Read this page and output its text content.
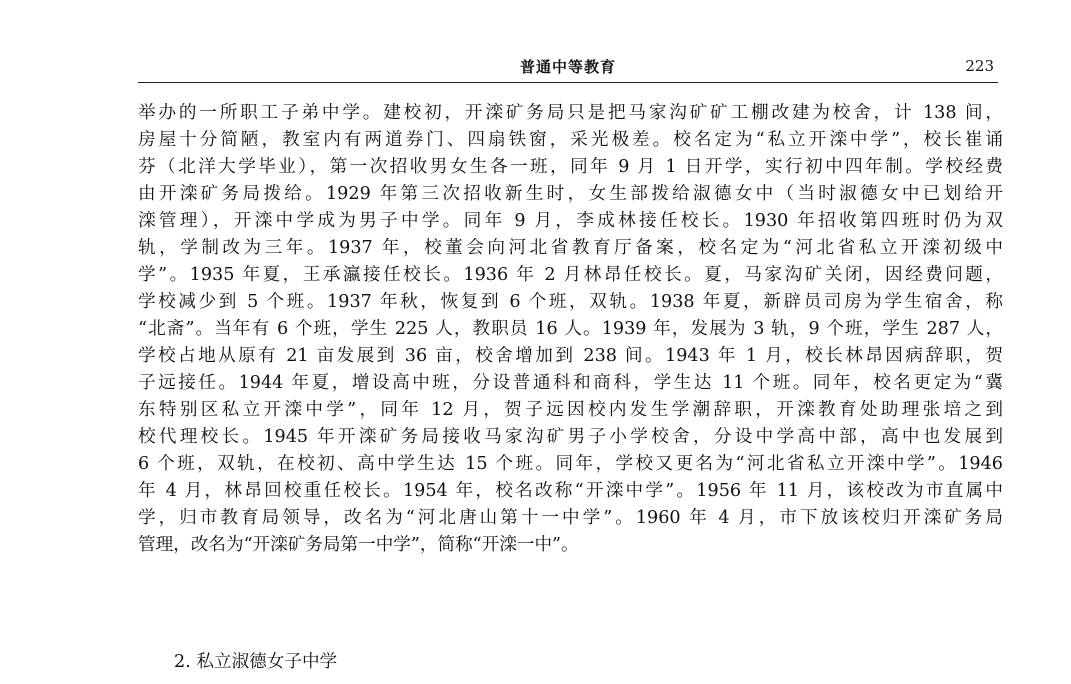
普通中等教育	223
举办的一所职工子弟中学。建校初，开滦矿务局只是把马家沟矿矿工棚改建为校舍，计 138 间，
房屋十分简陋，教室内有两道券门、四扇铁窗，采光极差。校名定为“私立开滦中学”，校长崔诵
芬（北洋大学毕业），第一次招收男女生各一班，同年 9 月 1 日开学，实行初中四年制。学校经费
由开滦矿务局拨给。1929 年第三次招收新生时，女生部拨给淑德女中（当时淑德女中已划给开
滦管理），开滦中学成为男子中学。同年 9 月，李成林接任校长。1930 年招收第四班时仍为双
轨，学制改为三年。1937 年，校董会向河北省教育厅备案，校名定为“河北省私立开滦初级中
学”。1935 年夏，王承瀛接任校长。1936 年 2 月林昂任校长。夏，马家沟矿关闭，因经费问题，
学校减少到 5 个班。1937 年秋，恢复到 6 个班，双轨。1938 年夏，新辟员司房为学生宿舍，称
“北斋”。当年有 6 个班，学生 225 人，教职员 16 人。1939 年，发展为 3 轨，9 个班，学生 287 人，
学校占地从原有 21 亩发展到 36 亩，校舍增加到 238 间。1943 年 1 月，校长林昂因病辞职，贺
子远接任。1944 年夏，增设高中班，分设普通科和商科，学生达 11 个班。同年，校名更定为“冀
东特别区私立开滦中学”，同年 12 月，贺子远因校内发生学潮辞职，开滦教育处助理张培之到
校代理校长。1945 年开滦矿务局接收马家沟矿男子小学校舍，分设中学高中部，高中也发展到
6 个班，双轨，在校初、高中学生达 15 个班。同年，学校又更名为“河北省私立开滦中学”。1946
年 4 月，林昂回校重任校长。1954 年，校名改称“开滦中学”。1956 年 11 月，该校改为市直属中
学，归市教育局领导，改名为“河北唐山第十一中学”。1960 年 4 月，市下放该校归开滦矿务局
管理，改名为“开滦矿务局第一中学”，简称“开滦一中”。
2. 私立淑德女子中学
